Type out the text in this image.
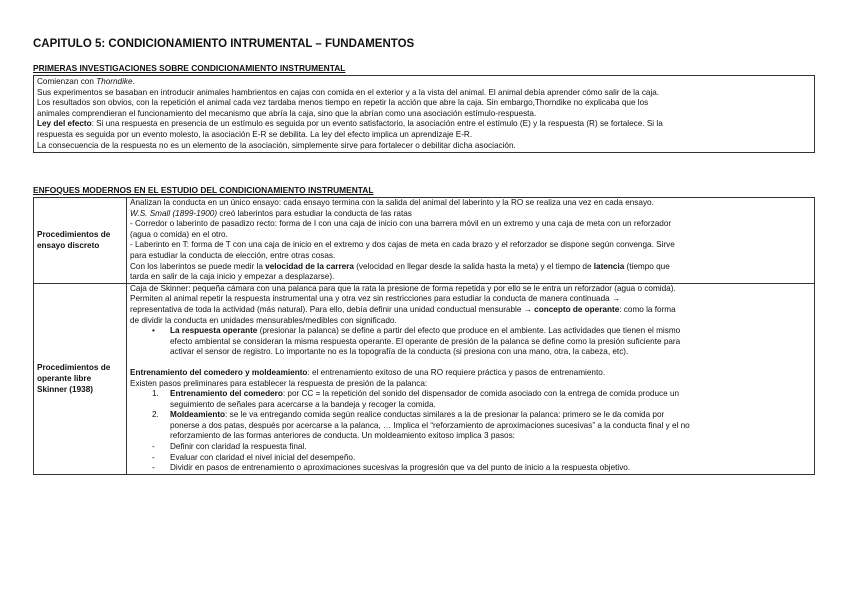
CAPITULO 5: CONDICIONAMIENTO INTRUMENTAL – FUNDAMENTOS
PRIMERAS INVESTIGACIONES SOBRE CONDICIONAMIENTO INSTRUMENTAL
Comienzan con Thorndike.
Sus experimentos se basaban en introducir animales hambrientos en cajas con comida en el exterior y a la vista del animal. El animal debía aprender cómo salir de la caja.
Los resultados son obvios, con la repetición el animal cada vez tardaba menos tiempo en repetir la acción que abre la caja. Sin embargo,Thorndike no explicaba que los
animales comprendieran el funcionamiento del mecanismo que abría la caja, sino que la abrían como una asociación estímulo-respuesta.
Ley del efecto: Si una respuesta en presencia de un estímulo es seguida por un evento satisfactorio, la asociación entre el estímulo (E) y la respuesta (R) se fortalece. Si la
respuesta es seguida por un evento molesto, la asociación E-R se debilita. La ley del efecto implica un aprendizaje E-R.
La consecuencia de la respuesta no es un elemento de la asociación, simplemente sirve para fortalecer o debilitar dicha asociación.
ENFOQUES MODERNOS EN EL ESTUDIO DEL CONDICIONAMIENTO INSTRUMENTAL
Procedimientos de ensayo discreto
Analizan la conducta en un único ensayo: cada ensayo termina con la salida del animal del laberinto y la RO se realiza una vez en cada ensayo.
W.S. Small (1899-1900) creó laberintos para estudiar la conducta de las ratas
- Corredor o laberinto de pasadizo recto: forma de I con una caja de inicio con una barrera móvil en un extremo y una caja de meta con un reforzador
(agua o comida) en el otro.
- Laberinto en T: forma de T con una caja de inicio en el extremo y dos cajas de meta en cada brazo y el reforzador se dispone según convenga. Sirve
para estudiar la conducta de elección, entre otras cosas.
Con los laberintos se puede medir la velocidad de la carrera (velocidad en llegar desde la salida hasta la meta) y el tiempo de latencia (tiempo que
tarda en salir de la caja inicio y empezar a desplazarse).
Procedimientos de operante libre Skinner (1938)
Caja de Skinner: pequeña cámara con una palanca para que la rata la presione de forma repetida y por ello se le entra un reforzador (agua o comida).
Permiten al animal repetir la respuesta instrumental una y otra vez sin restricciones para estudiar la conducta de manera continuada →
representativa de toda la actividad (más natural). Para ello, debía definir una unidad conductual mensurable → concepto de operante: como la forma
de dividir la conducta en unidades mensurables/medibles con significado.
• La respuesta operante (presionar la palanca) se define a partir del efecto que produce en el ambiente. Las actividades que tienen el mismo
efecto ambiental se consideran la misma respuesta operante. El operante de presión de la palanca se define como la presión suficiente para
activar el sensor de registro. Lo importante no es la topografía de la conducta (si presiona con una mano, otra, la cabeza, etc).
Entrenamiento del comedero y moldeamiento: el entrenamiento exitoso de una RO requiere práctica y pasos de entrenamiento.
Existen pasos preliminares para establecer la respuesta de presión de la palanca:
1. Entrenamiento del comedero: por CC = la repetición del sonido del dispensador de comida asociado con la entrega de comida produce un
seguimiento de señales para acercarse a la bandeja y recoger la comida.
2. Moldeamiento: se le va entregando comida según realice conductas similares a la de presionar la palanca: primero se le da comida por
ponerse a dos patas, después por acercarse a la palanca, … Implica el “reforzamiento de aproximaciones sucesivas” a la conducta final y el no
reforzamiento de las formas anteriores de conducta. Un moldeamiento exitoso implica 3 pasos:
- Definir con claridad la respuesta final.
- Evaluar con claridad el nivel inicial del desempeño.
- Dividir en pasos de entrenamiento o aproximaciones sucesivas la progresión que va del punto de inicio a la respuesta objetivo.
